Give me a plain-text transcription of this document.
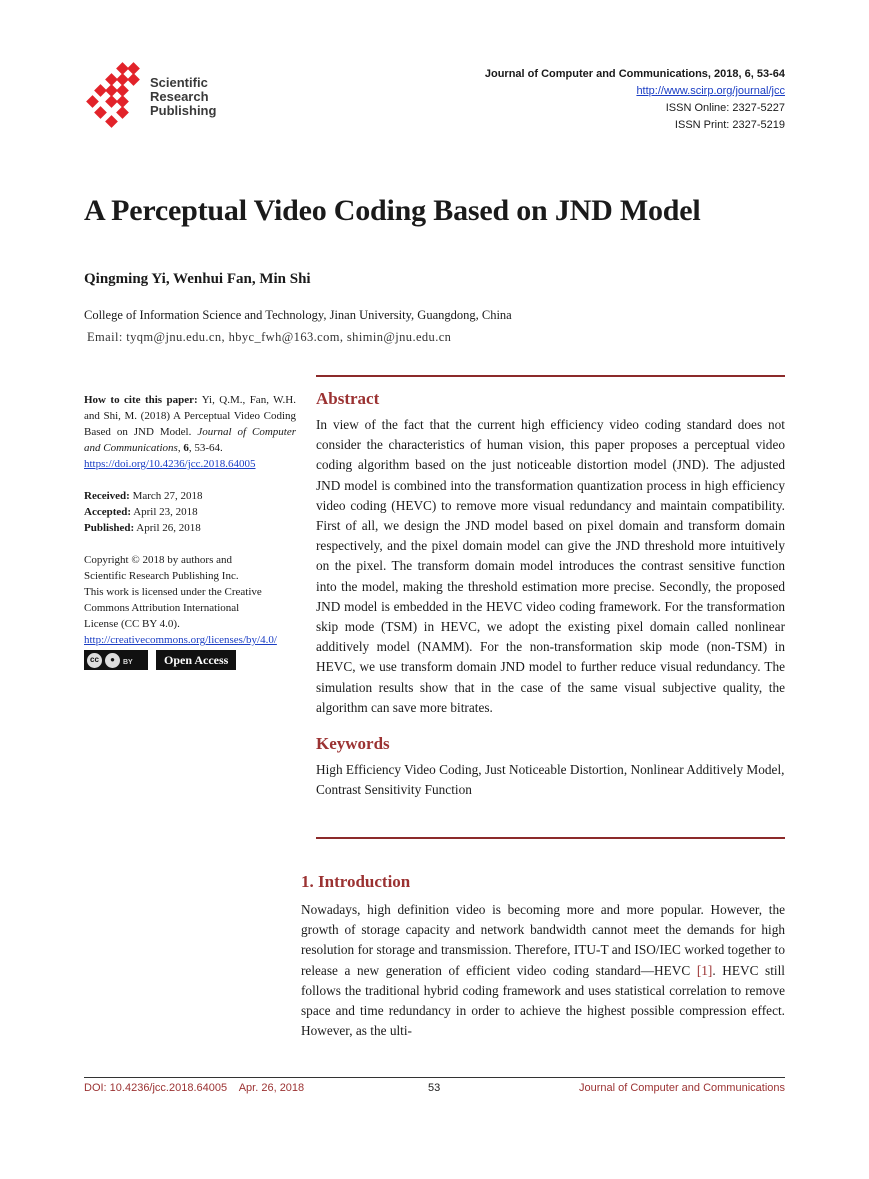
Scientific
Research
Publishing
Journal of Computer and Communications, 2018, 6, 53-64
http://www.scirp.org/journal/jcc
ISSN Online: 2327-5227
ISSN Print: 2327-5219
A Perceptual Video Coding Based on JND Model
Qingming Yi, Wenhui Fan, Min Shi
College of Information Science and Technology, Jinan University, Guangdong, China
Email: tyqm@jnu.edu.cn, hbyc_fwh@163.com, shimin@jnu.edu.cn

How to cite this paper: Yi, Q.M., Fan, W.H. and Shi, M. (2018) A Perceptual Video Coding Based on JND Model. Journal of Computer and Communications, 6, 53-64.
https://doi.org/10.4236/jcc.2018.64005

Received: March 27, 2018

Accepted: April 23, 2018

Published: April 26, 2018

Copyright © 2018 by authors and

Scientific Research Publishing Inc.

This work is licensed under the Creative

Commons Attribution International

License (CC BY 4.0).

http://creativecommons.org/licenses/by/4.0/

cc	●	BY	Open Access
Abstract

In view of the fact that the current high efficiency video coding standard does not consider the characteristics of human vision, this paper proposes a perceptual video coding algorithm based on the just noticeable distortion model (JND). The adjusted JND model is combined into the transformation quantization process in high efficiency video coding (HEVC) to remove more visual redundancy and maintain compatibility. First of all, we design the JND model based on pixel domain and transform domain respectively, and the pixel domain model can give the JND threshold more intuitively on the pixel. The transform domain model introduces the contrast sensitive function into the model, making the threshold estimation more precise. Secondly, the proposed JND model is embedded in the HEVC video coding framework. For the transformation skip mode (TSM) in HEVC, we adopt the existing pixel domain called nonlinear additively model (NAMM). For the non-transformation skip mode (non-TSM) in HEVC, we use transform domain JND model to further reduce visual redundancy. The simulation results show that in the case of the same visual subjective quality, the algorithm can save more bitrates.

Keywords

High Efficiency Video Coding, Just Noticeable Distortion, Nonlinear Additively Model, Contrast Sensitivity Function

1. Introduction

Nowadays, high definition video is becoming more and more popular. However, the growth of storage capacity and network bandwidth cannot meet the demands for high resolution for storage and transmission. Therefore, ITU-T and ISO/IEC worked together to release a new generation of efficient video coding standard—HEVC [1]. HEVC still follows the traditional hybrid coding framework and uses statistical correlation to remove space and time redundancy in order to achieve the highest possible compression effect. However, as the ulti-

DOI: 10.4236/jcc.2018.64005    Apr. 26, 2018	53	Journal of Computer and Communications
